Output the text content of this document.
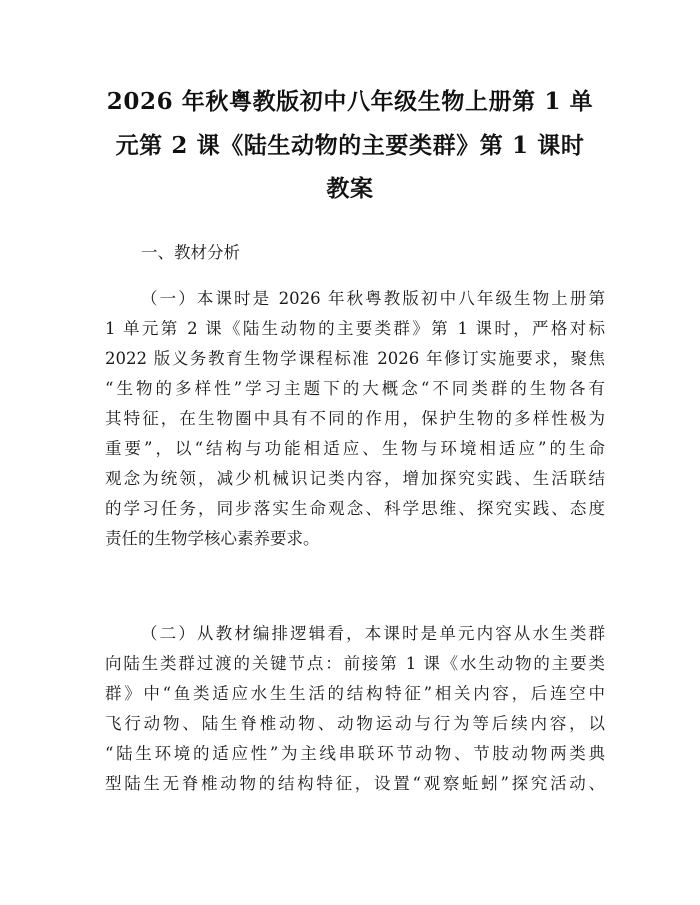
2026 年秋粤教版初中八年级生物上册第 1 单
元第 2 课《陆生动物的主要类群》第 1 课时
教案
一、教材分析
（一）本课时是 2026 年秋粤教版初中八年级生物上册第
1 单元第 2 课《陆生动物的主要类群》第 1 课时，严格对标
2022 版义务教育生物学课程标准 2026 年修订实施要求，聚焦
“生物的多样性”学习主题下的大概念“不同类群的生物各有
其特征，在生物圈中具有不同的作用，保护生物的多样性极为
重要”，以“结构与功能相适应、生物与环境相适应”的生命
观念为统领，减少机械识记类内容，增加探究实践、生活联结
的学习任务，同步落实生命观念、科学思维、探究实践、态度
责任的生物学核心素养要求。
（二）从教材编排逻辑看，本课时是单元内容从水生类群
向陆生类群过渡的关键节点：前接第 1 课《水生动物的主要类
群》中“鱼类适应水生生活的结构特征”相关内容，后连空中
飞行动物、陆生脊椎动物、动物运动与行为等后续内容，以
“陆生环境的适应性”为主线串联环节动物、节肢动物两类典
型陆生无脊椎动物的结构特征，设置“观察蚯蚓”探究活动、
